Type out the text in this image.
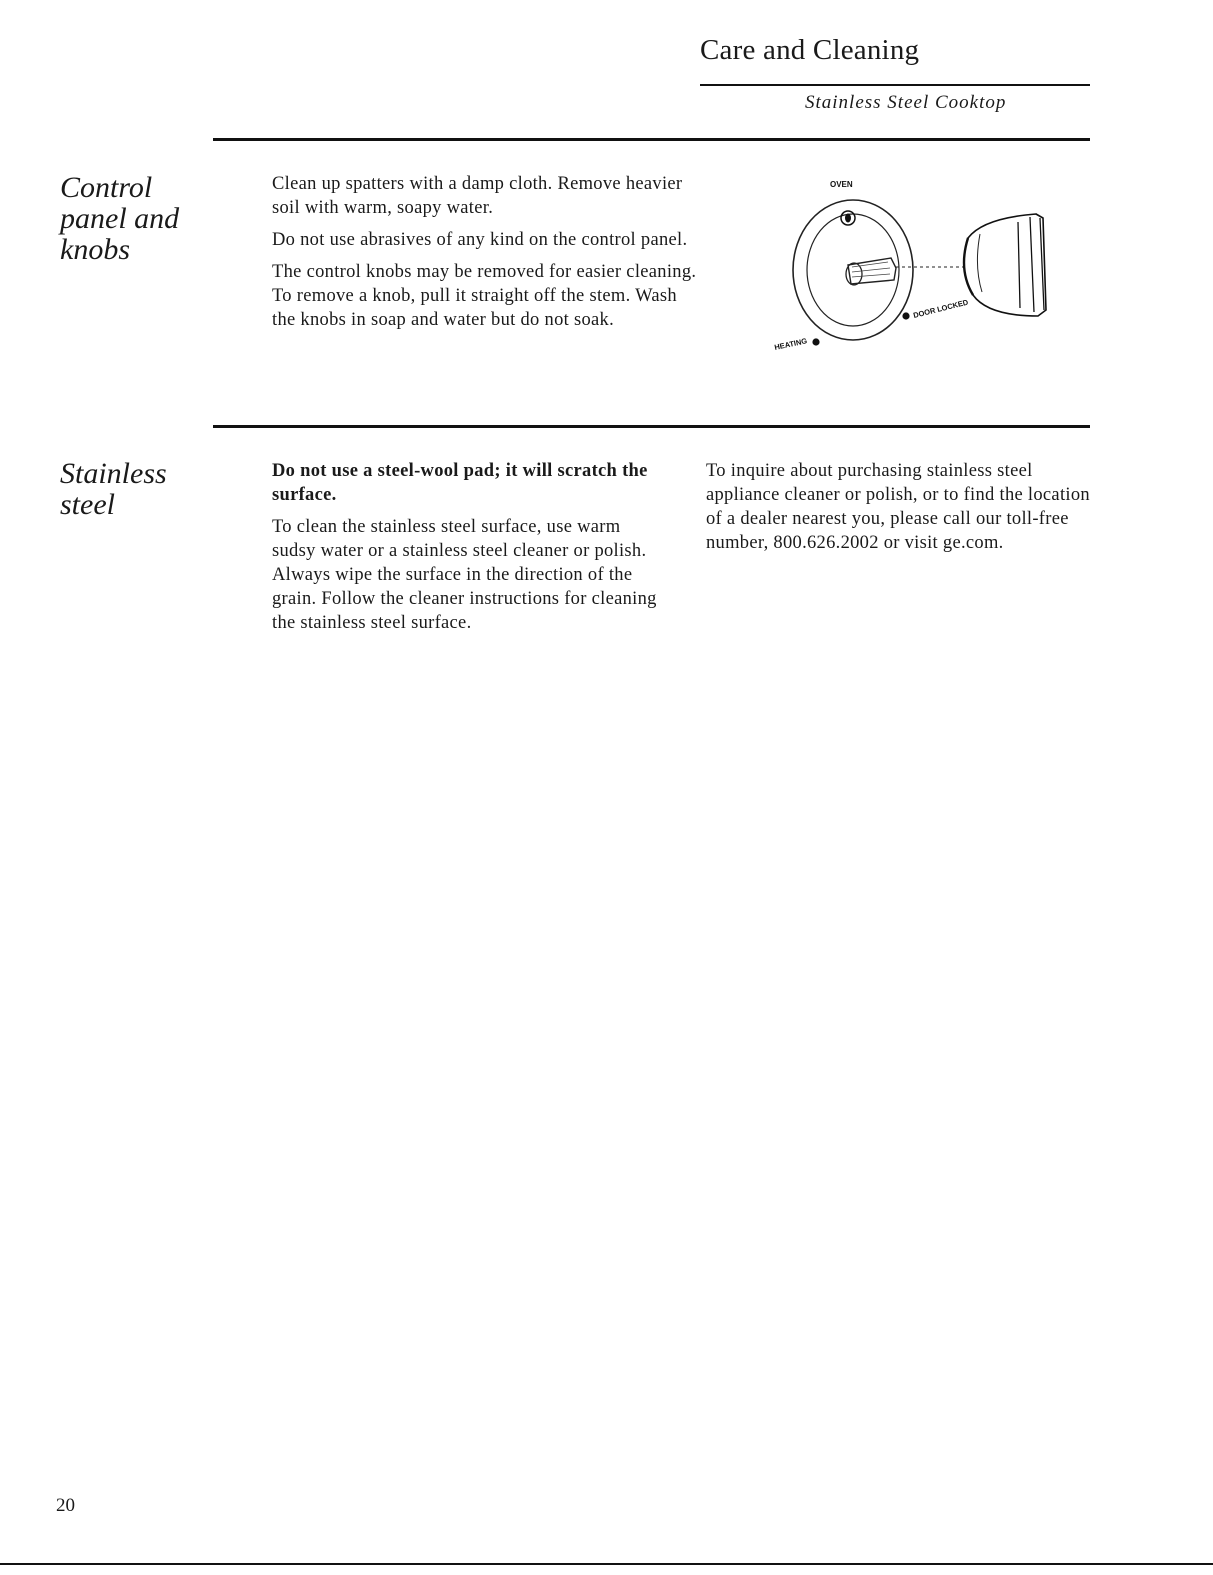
Care and Cleaning
Stainless Steel Cooktop
Control
panel and
knobs

Clean up spatters with a damp cloth. Remove heavier soil with warm, soapy water.

Do not use abrasives of any kind on the control panel.

The control knobs may be removed for easier cleaning. To remove a knob, pull it straight off the stem. Wash the knobs in soap and water but do not soak.

OVEN
HEATING
DOOR LOCKED
Stainless
steel

Do not use a steel-wool pad; it will scratch the surface.

To clean the stainless steel surface, use warm sudsy water or a stainless steel cleaner or polish. Always wipe the surface in the direction of the grain. Follow the cleaner instructions for cleaning the stainless steel surface.

To inquire about purchasing stainless steel appliance cleaner or polish, or to find the location of a dealer nearest you, please call our toll-free number, 800.626.2002 or visit ge.com.

20
